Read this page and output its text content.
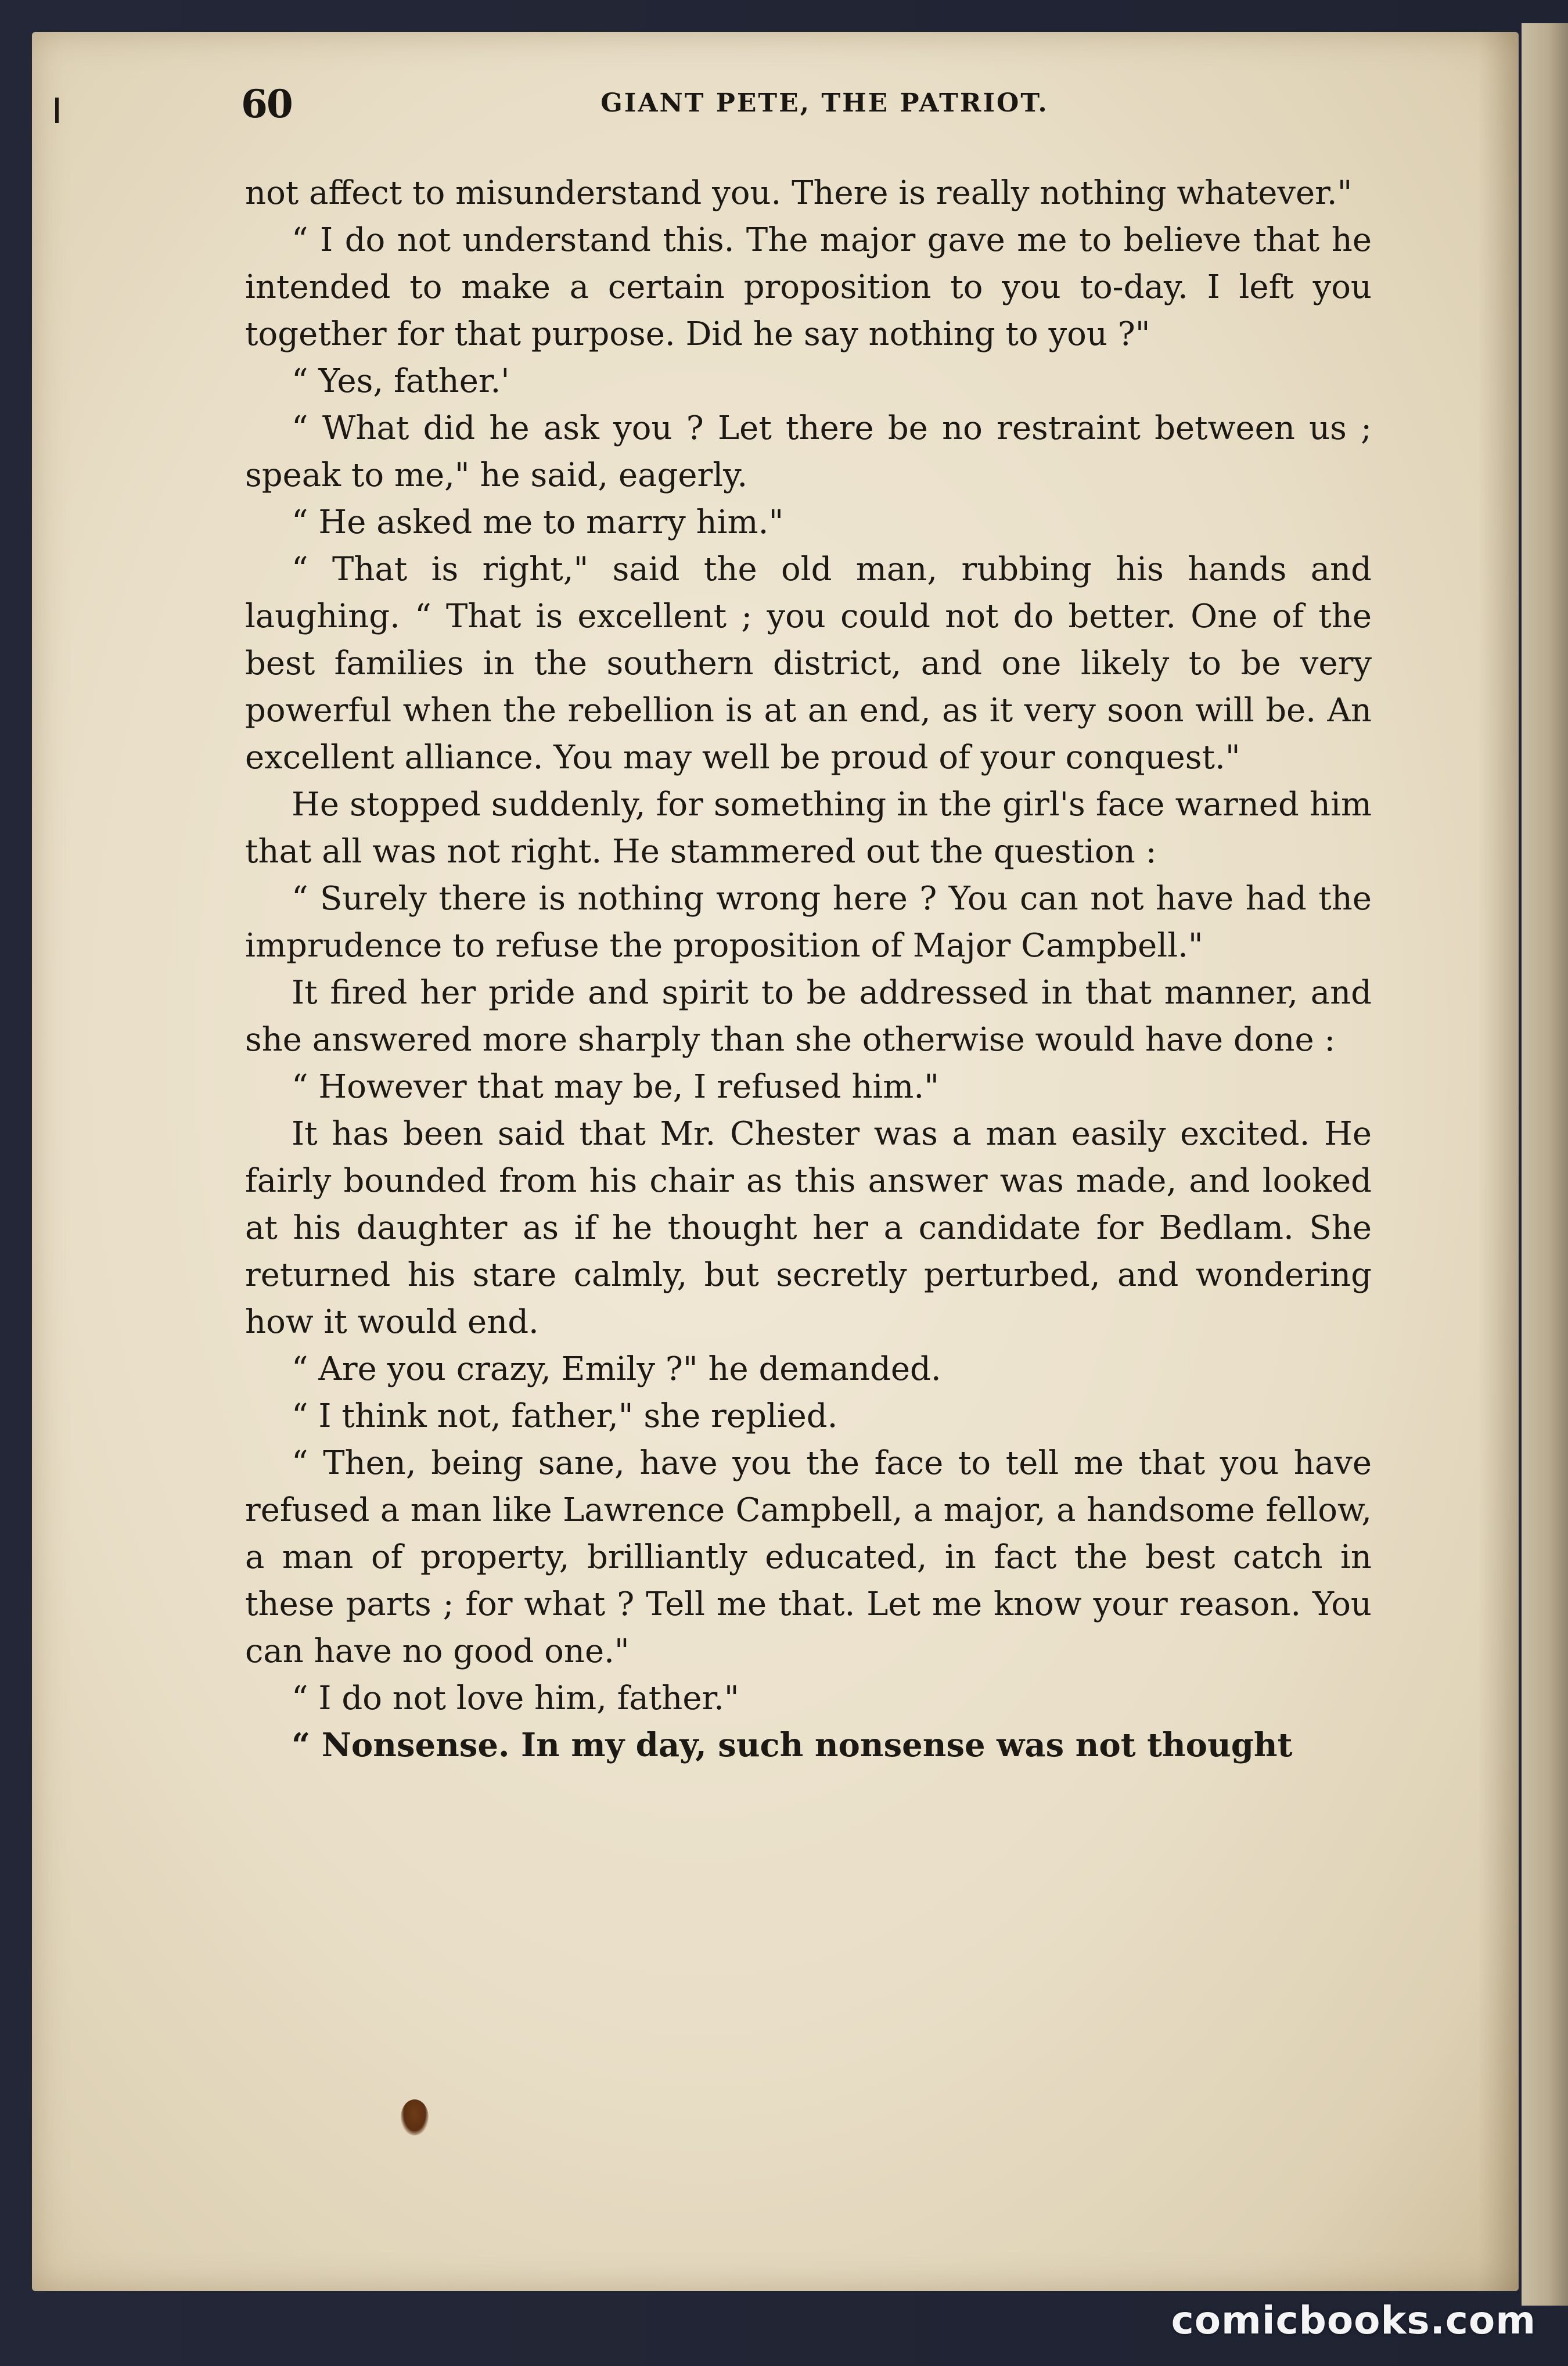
60	GIANT PETE, THE PATRIOT.

not affect to misunderstand you. There is really nothing whatever."

“ I do not understand this. The major gave me to believe that he intended to make a certain proposition to you to-day. I left you together for that purpose. Did he say nothing to you ?"

“ Yes, father.'

“ What did he ask you ? Let there be no restraint between us ; speak to me," he said, eagerly.

“ He asked me to marry him."

“ That is right," said the old man, rubbing his hands and laughing. “ That is excellent ; you could not do better. One of the best families in the southern district, and one likely to be very powerful when the rebellion is at an end, as it very soon will be. An excellent alliance. You may well be proud of your conquest."

He stopped suddenly, for something in the girl's face warned him that all was not right. He stammered out the question :

“ Surely there is nothing wrong here ? You can not have had the imprudence to refuse the proposition of Major Campbell."

It fired her pride and spirit to be addressed in that manner, and she answered more sharply than she otherwise would have done :

“ However that may be, I refused him."

It has been said that Mr. Chester was a man easily excited. He fairly bounded from his chair as this answer was made, and looked at his daughter as if he thought her a candidate for Bedlam. She returned his stare calmly, but secretly perturbed, and wondering how it would end.

“ Are you crazy, Emily ?" he demanded.

“ I think not, father," she replied.

“ Then, being sane, have you the face to tell me that you have refused a man like Lawrence Campbell, a major, a handsome fellow, a man of property, brilliantly educated, in fact the best catch in these parts ; for what ? Tell me that. Let me know your reason. You can have no good one."

“ I do not love him, father."

“ Nonsense. In my day, such nonsense was not thought

comicbooks.com
